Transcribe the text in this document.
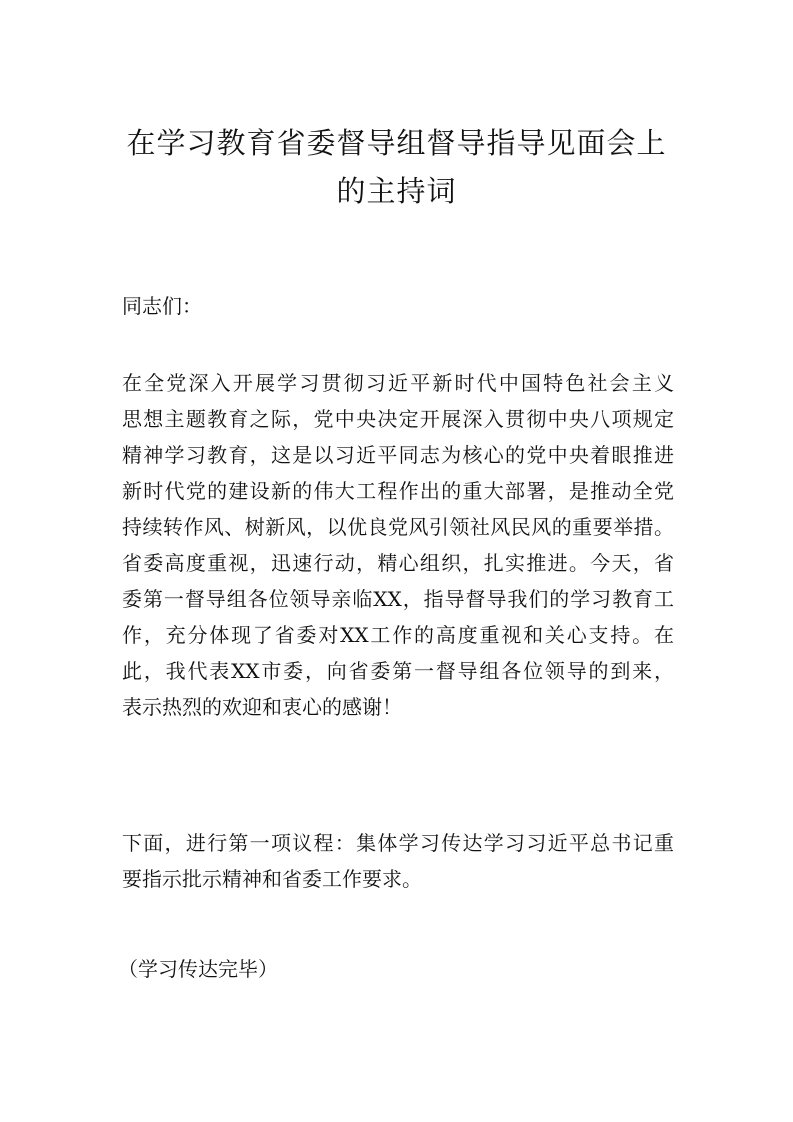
在学习教育省委督导组督导指导见面会上
的主持词
同志们：
在全党深入开展学习贯彻习近平新时代中国特色社会主义
思想主题教育之际，党中央决定开展深入贯彻中央八项规定
精神学习教育，这是以习近平同志为核心的党中央着眼推进
新时代党的建设新的伟大工程作出的重大部署，是推动全党
持续转作风、树新风，以优良党风引领社风民风的重要举措。
省委高度重视，迅速行动，精心组织，扎实推进。今天，省
委第一督导组各位领导亲临XX，指导督导我们的学习教育工
作，充分体现了省委对XX工作的高度重视和关心支持。在
此，我代表XX市委，向省委第一督导组各位领导的到来，
表示热烈的欢迎和衷心的感谢！
下面，进行第一项议程：集体学习传达学习习近平总书记重
要指示批示精神和省委工作要求。
（学习传达完毕）
